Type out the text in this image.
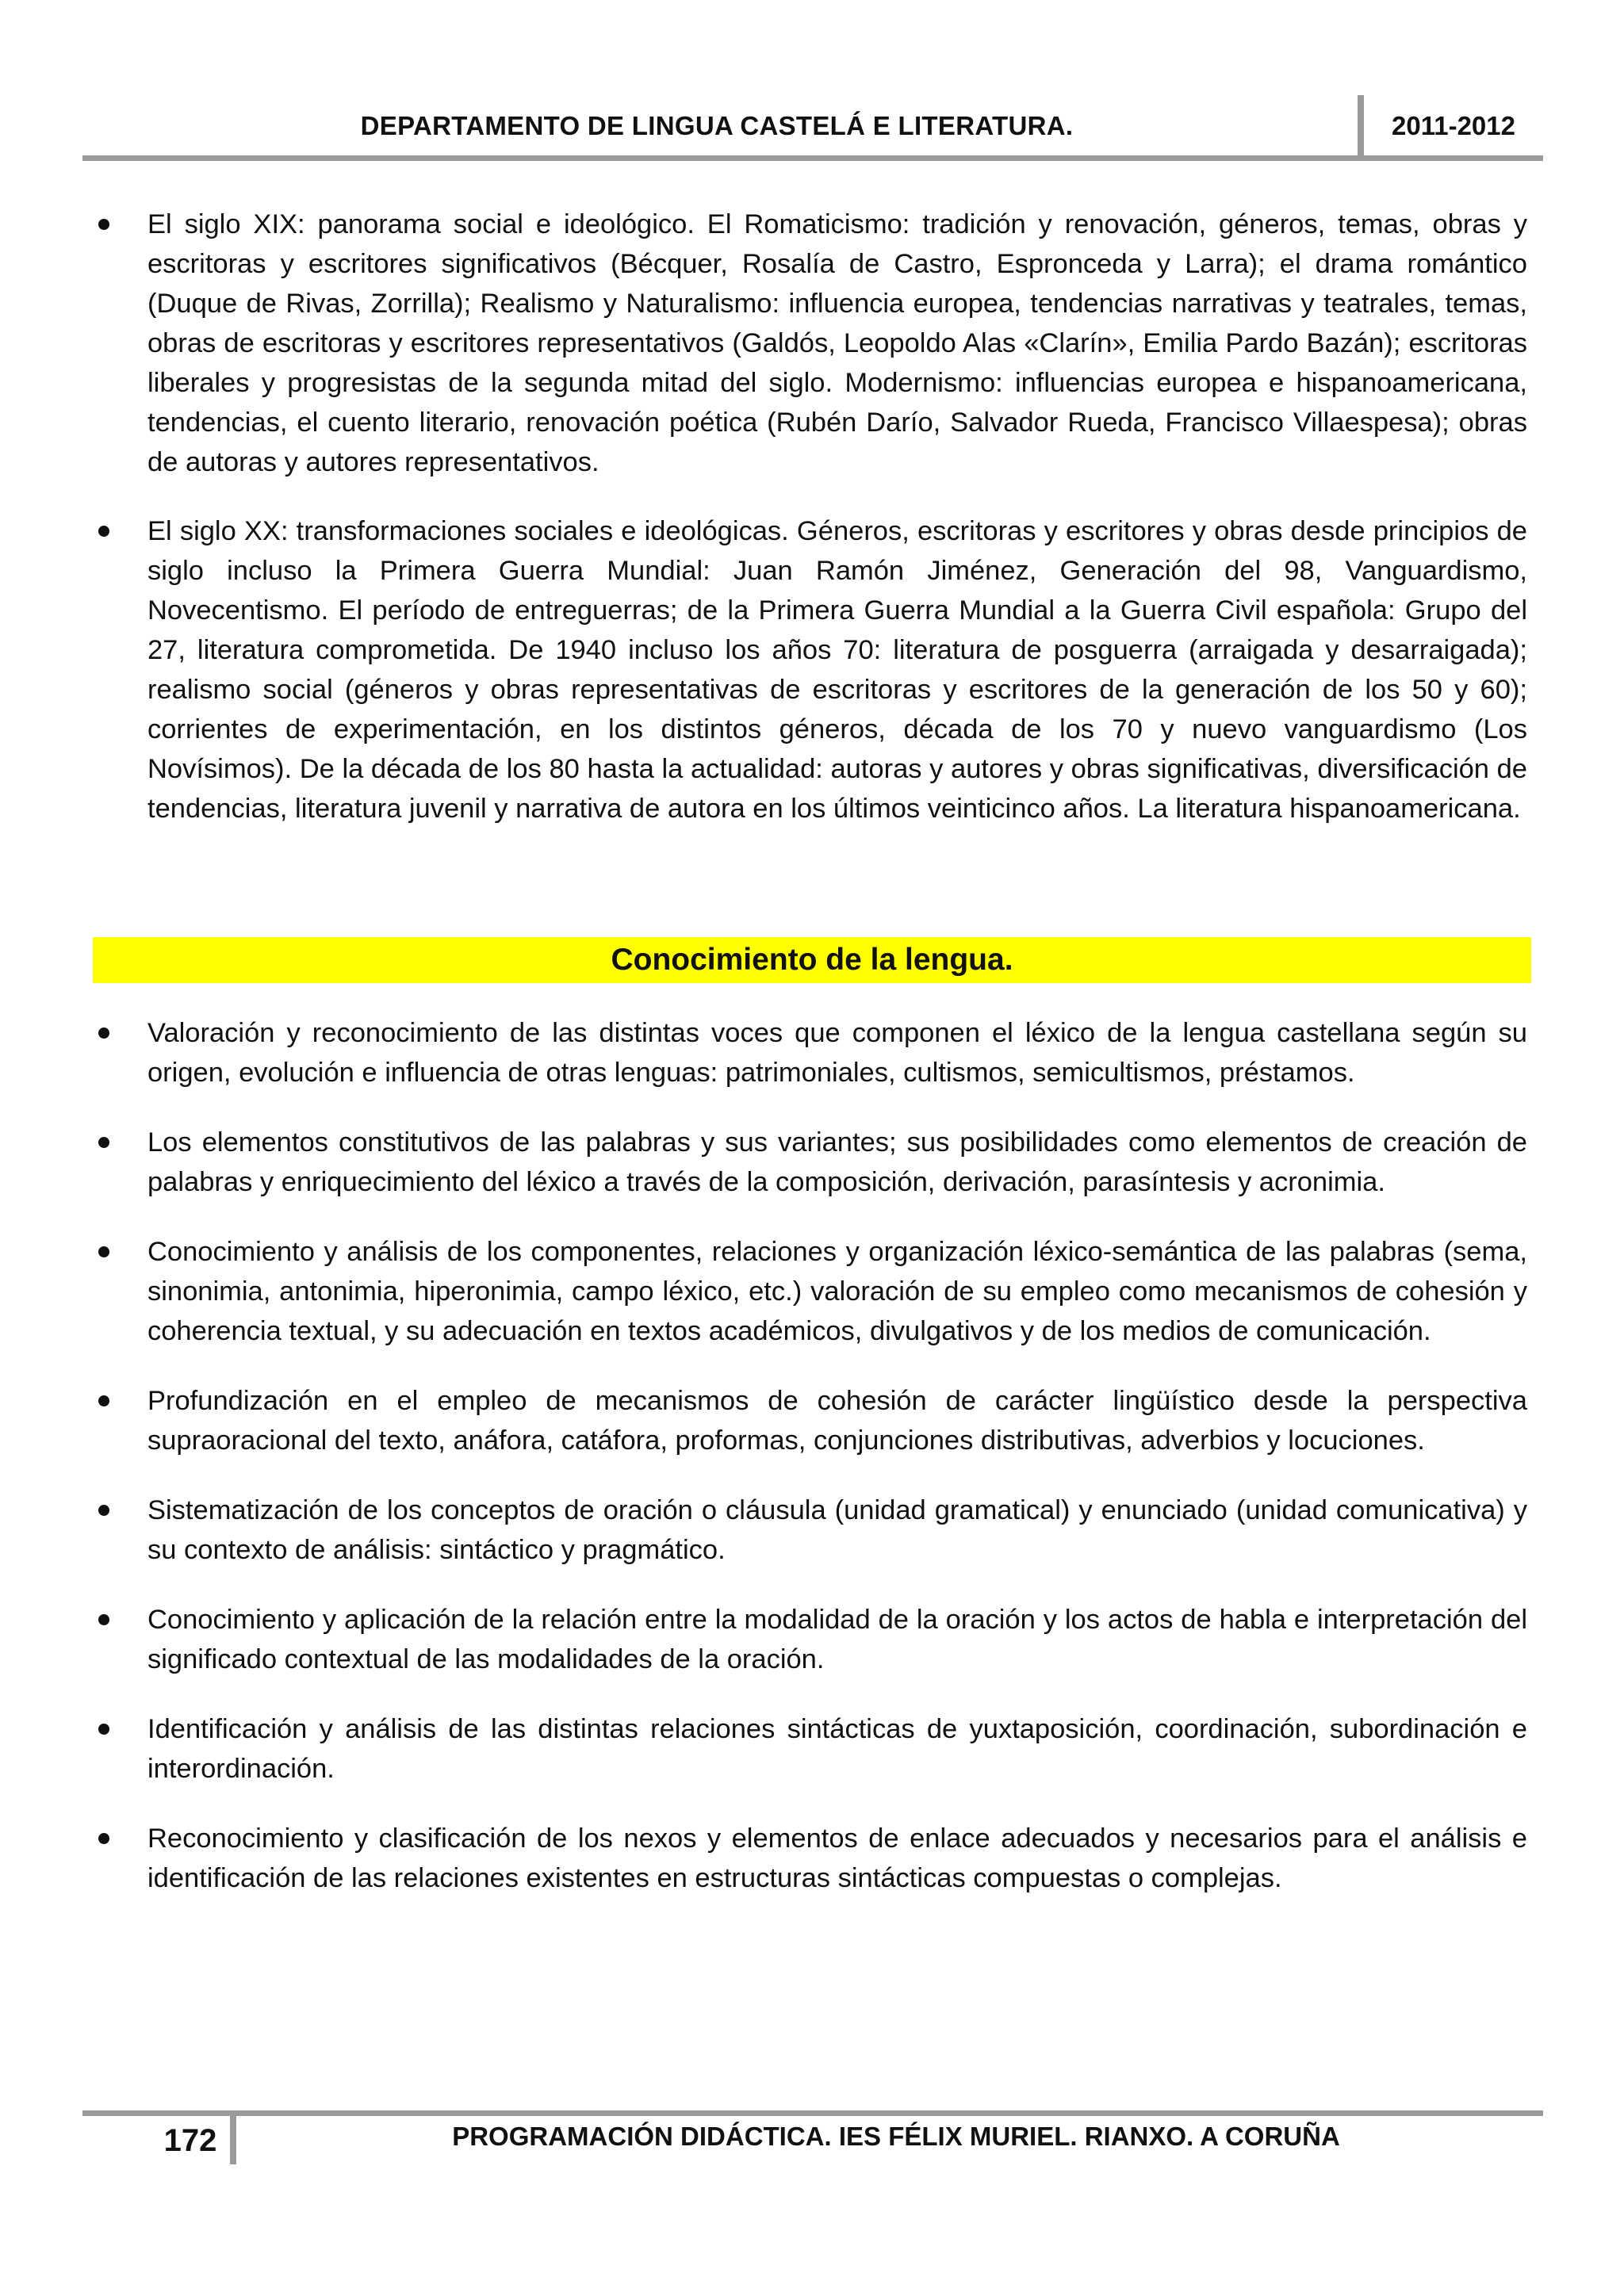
DEPARTAMENTO DE LINGUA CASTELÁ E LITERATURA.	2011-2012
El siglo XIX: panorama social e ideológico. El Romaticismo: tradición y renovación, géneros, temas, obras y escritoras y escritores significativos (Bécquer, Rosalía de Castro, Espronceda y Larra); el drama romántico (Duque de Rivas, Zorrilla); Realismo y Naturalismo: influencia europea, tendencias narrativas y teatrales, temas, obras de escritoras y escritores representativos (Galdós, Leopoldo Alas «Clarín», Emilia Pardo Bazán); escritoras liberales y progresistas de la segunda mitad del siglo. Modernismo: influencias europea e hispanoamericana, tendencias, el cuento literario, renovación poética (Rubén Darío, Salvador Rueda, Francisco Villaespesa); obras de autoras y autores representativos.
El siglo XX: transformaciones sociales e ideológicas. Géneros, escritoras y escritores y obras desde principios de siglo incluso la Primera Guerra Mundial: Juan Ramón Jiménez, Generación del 98, Vanguardismo, Novecentismo. El período de entreguerras; de la Primera Guerra Mundial a la Guerra Civil española: Grupo del 27, literatura comprometida. De 1940 incluso los años 70: literatura de posguerra (arraigada y desarraigada); realismo social (géneros y obras representativas de escritoras y escritores de la generación de los 50 y 60); corrientes de experimentación, en los distintos géneros, década de los 70 y nuevo vanguardismo (Los Novísimos). De la década de los 80 hasta la actualidad: autoras y autores y obras significativas, diversificación de tendencias, literatura juvenil y narrativa de autora en los últimos veinticinco años. La literatura hispanoamericana.
Conocimiento de la lengua.
Valoración y reconocimiento de las distintas voces que componen el léxico de la lengua castellana según su origen, evolución e influencia de otras lenguas: patrimoniales, cultismos, semicultismos, préstamos.
Los elementos constitutivos de las palabras y sus variantes; sus posibilidades como elementos de creación de palabras y enriquecimiento del léxico a través de la composición, derivación, parasíntesis y acronimia.
Conocimiento y análisis de los componentes, relaciones y organización léxico-semántica de las palabras (sema, sinonimia, antonimia, hiperonimia, campo léxico, etc.) valoración de su empleo como mecanismos de cohesión y coherencia textual, y su adecuación en textos académicos, divulgativos y de los medios de comunicación.
Profundización en el empleo de mecanismos de cohesión de carácter lingüístico desde la perspectiva supraoracional del texto, anáfora, catáfora, proformas, conjunciones distributivas, adverbios y locuciones.
Sistematización de los conceptos de oración o cláusula (unidad gramatical) y enunciado (unidad comunicativa) y su contexto de análisis: sintáctico y pragmático.
Conocimiento y aplicación de la relación entre la modalidad de la oración y los actos de habla e interpretación del significado contextual de las modalidades de la oración.
Identificación y análisis de las distintas relaciones sintácticas de yuxtaposición, coordinación, subordinación e interordinación.
Reconocimiento y clasificación de los nexos y elementos de enlace adecuados y necesarios para el análisis e identificación de las relaciones existentes en estructuras sintácticas compuestas o complejas.
172	PROGRAMACIÓN DIDÁCTICA. IES FÉLIX MURIEL. RIANXO. A CORUÑA
